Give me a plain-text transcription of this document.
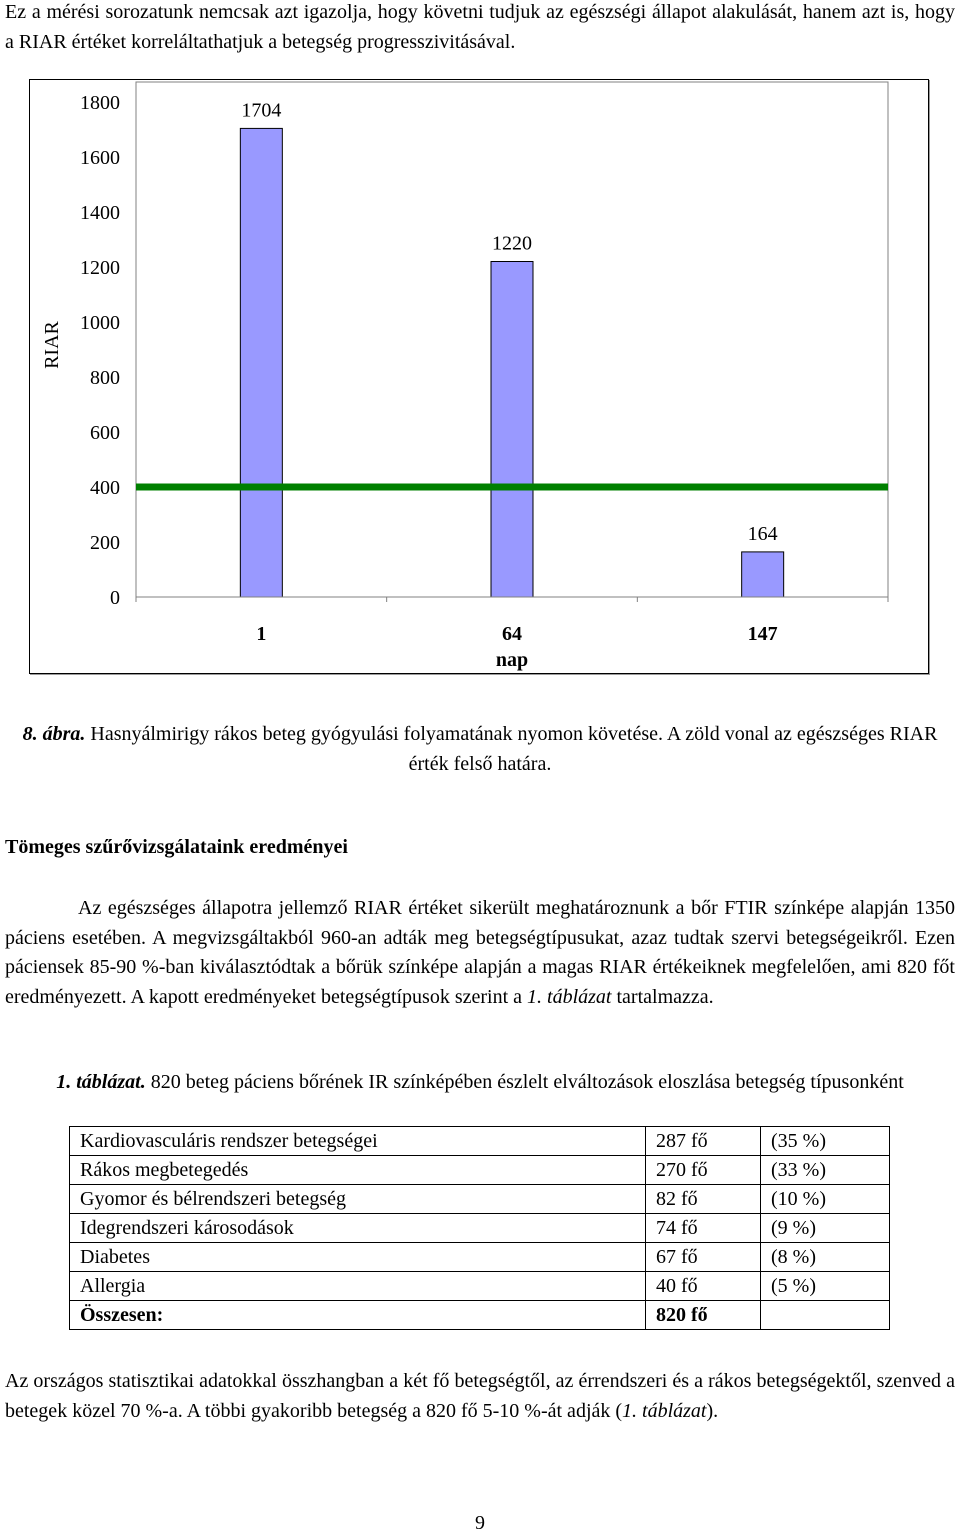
Ez a mérési sorozatunk nemcsak azt igazolja, hogy követni tudjuk az egészségi állapot alakulását, hanem azt is, hogy a RIAR értéket korreláltathatjuk a betegség progresszivitásával.

0
200
400
600
800
1000
1200
1400
1600
1800
RIAR
1704
1
1220
64
164
147
nap
8. ábra. Hasnyálmirigy rákos beteg gyógyulási folyamatának nyomon követése. A zöld vonal az egészséges RIAR érték felső határa.
Tömeges szűrővizsgálataink eredményei

Az egészséges állapotra jellemző RIAR értéket sikerült meghatároznunk a bőr FTIR színképe alapján 1350 páciens esetében. A megvizsgáltakból 960-an adták meg betegségtípusukat, azaz tudtak szervi betegségeikről. Ezen páciensek 85-90 %-ban kiválasztódtak a bőrük színképe alapján a magas RIAR értékeiknek megfelelően, ami 820 főt eredményezett. A kapott eredményeket betegségtípusok szerint a 1. táblázat tartalmazza.

1. táblázat. 820 beteg páciens bőrének IR színképében észlelt elváltozások eloszlása betegség típusonként
Kardiovasculáris rendszer betegségei	287 fő	(35 %)
Rákos megbetegedés	270 fő	(33 %)
Gyomor és bélrendszeri betegség	82 fő	(10 %)
Idegrendszeri károsodások	74 fő	(9 %)
Diabetes	67 fő	(8 %)
Allergia	40 fő	(5 %)
Összesen:	820 fő	

Az országos statisztikai adatokkal összhangban a két fő betegségtől, az érrendszeri és a rákos betegségektől, szenved a betegek közel 70 %-a. A többi gyakoribb betegség a 820 fő 5-10 %-át adják (1. táblázat).

9
